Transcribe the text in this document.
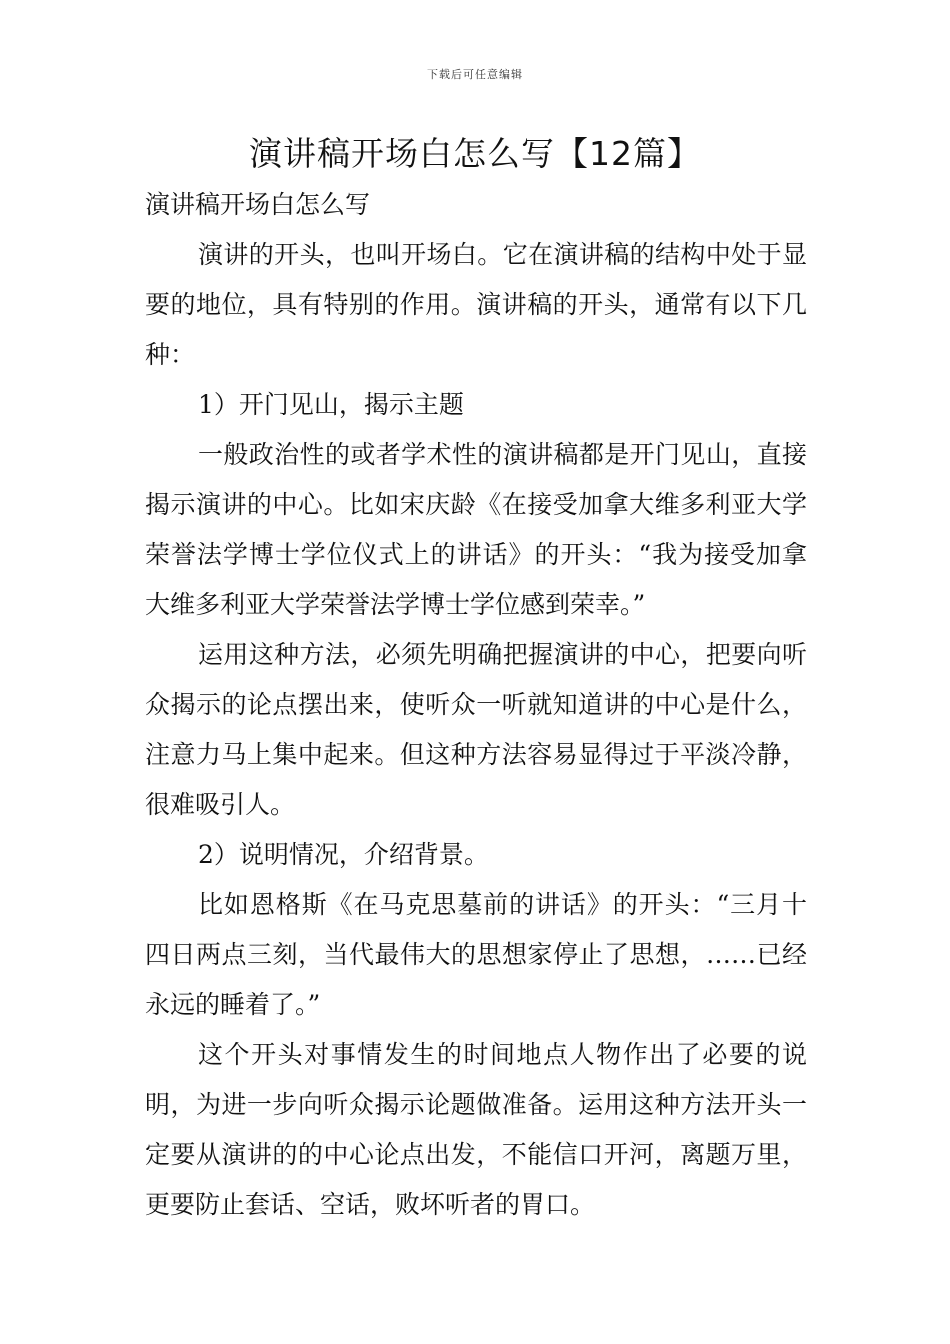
下载后可任意编辑
演讲稿开场白怎么写【12篇】

演讲稿开场白怎么写

演讲的开头，也叫开场白。它在演讲稿的结构中处于显要的地位，具有特别的作用。演讲稿的开头，通常有以下几种：

1）开门见山，揭示主题

一般政治性的或者学术性的演讲稿都是开门见山，直接揭示演讲的中心。比如宋庆龄《在接受加拿大维多利亚大学荣誉法学博士学位仪式上的讲话》的开头：“我为接受加拿大维多利亚大学荣誉法学博士学位感到荣幸。”

运用这种方法，必须先明确把握演讲的中心，把要向听众揭示的论点摆出来，使听众一听就知道讲的中心是什么，注意力马上集中起来。但这种方法容易显得过于平淡冷静，很难吸引人。

2）说明情况，介绍背景。

比如恩格斯《在马克思墓前的讲话》的开头：“三月十四日两点三刻，当代最伟大的思想家停止了思想，……已经永远的睡着了。”

这个开头对事情发生的时间地点人物作出了必要的说明，为进一步向听众揭示论题做准备。运用这种方法开头一定要从演讲的的中心论点出发，不能信口开河，离题万里，更要防止套话、空话，败坏听者的胃口。
